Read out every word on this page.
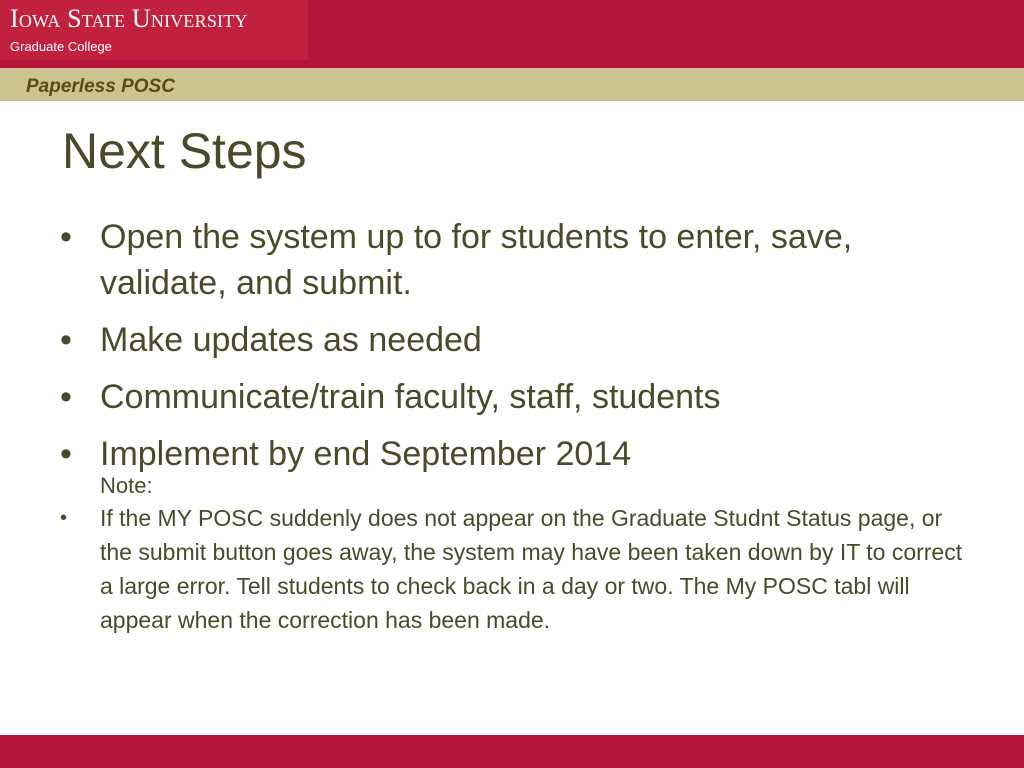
Iowa State University
Graduate College
Paperless POSC
Next Steps
• Open the system up to for students to enter, save, validate, and submit.
• Make updates as needed
• Communicate/train faculty, staff, students
• Implement by end September 2014
Note:
• If the MY POSC suddenly does not appear on the Graduate Studnt Status page, or the submit button goes away, the system may have been taken down by IT to correct a large error. Tell students to check back in a day or two. The My POSC tabl will appear when the correction has been made.
